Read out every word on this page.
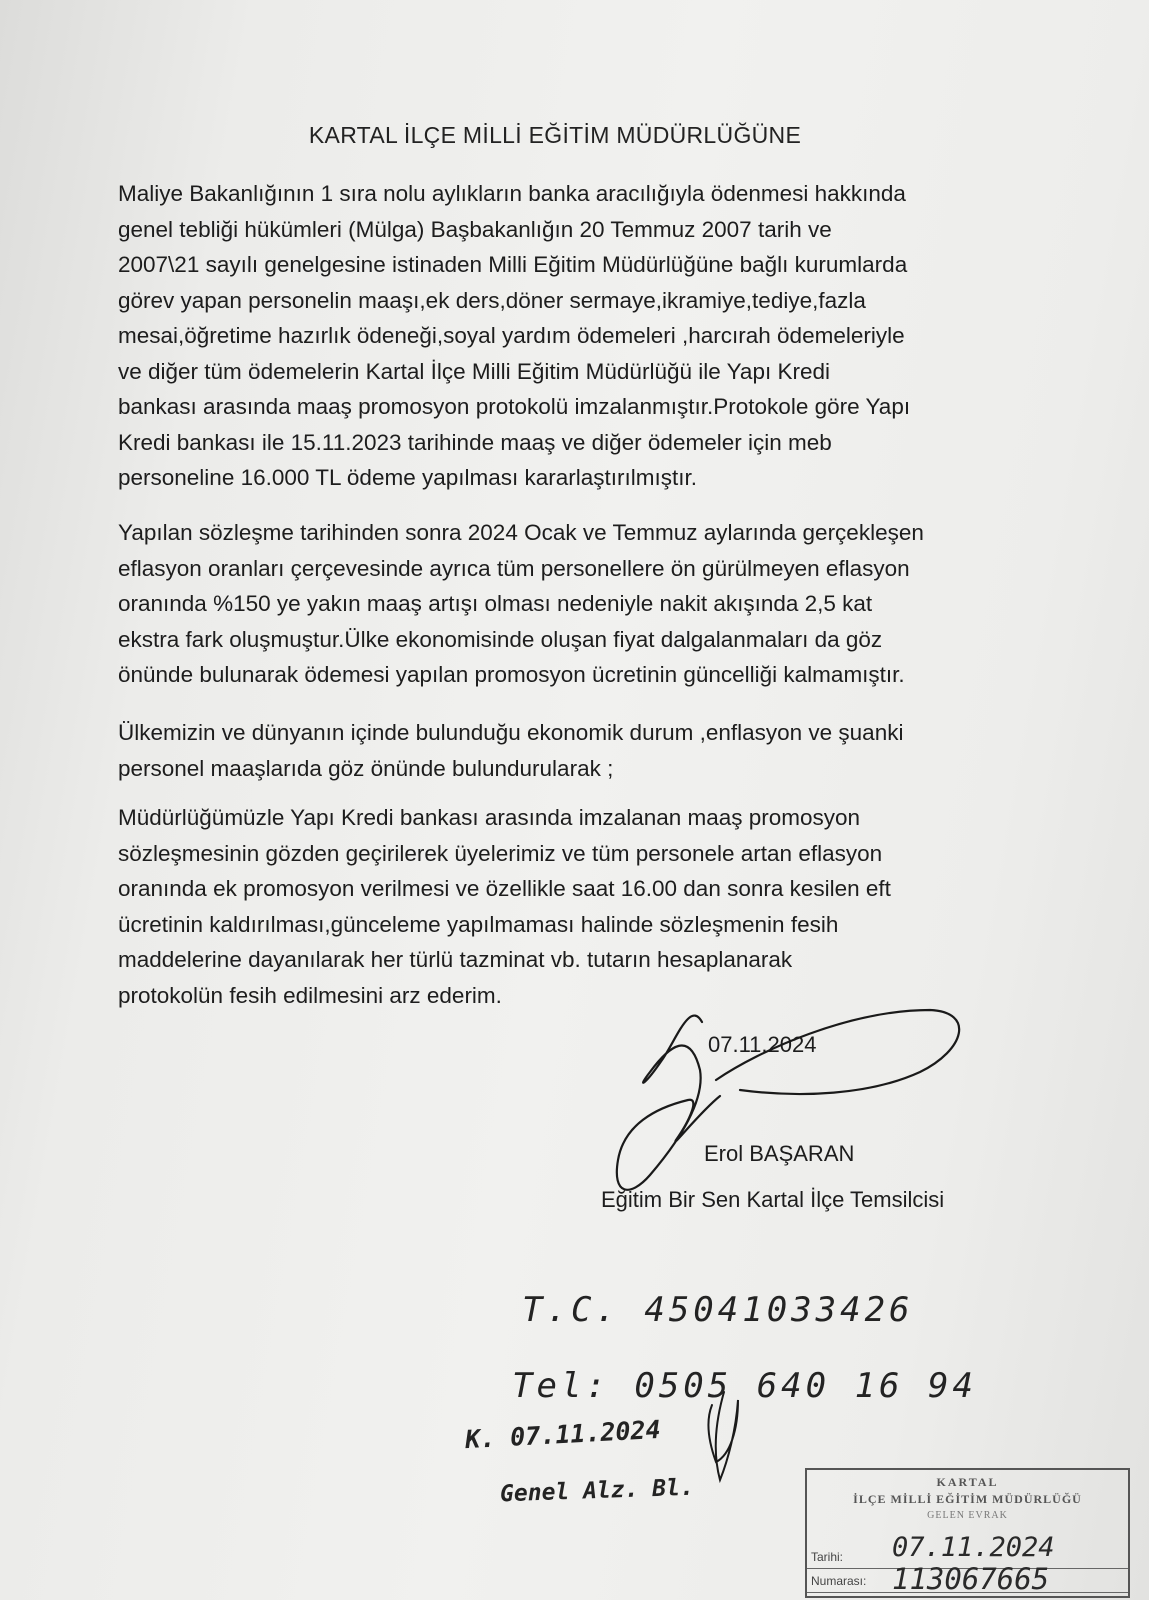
KARTAL İLÇE MİLLİ EĞİTİM MÜDÜRLÜĞÜNE

Maliye Bakanlığının 1 sıra nolu aylıkların banka aracılığıyla ödenmesi hakkında
genel tebliği hükümleri (Mülga) Başbakanlığın 20 Temmuz 2007 tarih ve
2007\21 sayılı genelgesine istinaden Milli Eğitim Müdürlüğüne bağlı kurumlarda
görev yapan personelin maaşı,ek ders,döner sermaye,ikramiye,tediye,fazla
mesai,öğretime hazırlık ödeneği,soyal yardım ödemeleri ,harcırah ödemeleriyle
ve diğer tüm ödemelerin Kartal İlçe Milli Eğitim Müdürlüğü ile Yapı Kredi
bankası arasında maaş promosyon protokolü imzalanmıştır.Protokole göre Yapı
Kredi bankası ile 15.11.2023 tarihinde maaş ve diğer ödemeler için meb
personeline 16.000 TL ödeme yapılması kararlaştırılmıştır.

Yapılan sözleşme tarihinden sonra 2024 Ocak ve Temmuz aylarında gerçekleşen
eflasyon oranları çerçevesinde ayrıca tüm personellere ön gürülmeyen eflasyon
oranında %150 ye yakın maaş artışı olması nedeniyle nakit akışında 2,5 kat
ekstra fark oluşmuştur.Ülke ekonomisinde oluşan fiyat dalgalanmaları da göz
önünde bulunarak ödemesi yapılan promosyon ücretinin güncelliği kalmamıştır.

Ülkemizin ve dünyanın içinde bulunduğu ekonomik durum ,enflasyon ve şuanki
personel maaşlarıda göz önünde bulundurularak ;

Müdürlüğümüzle Yapı Kredi bankası arasında imzalanan maaş promosyon
sözleşmesinin gözden geçirilerek üyelerimiz ve tüm personele artan eflasyon
oranında ek promosyon verilmesi ve özellikle saat 16.00 dan sonra kesilen eft
ücretinin kaldırılması,günceleme yapılmaması halinde sözleşmenin fesih
maddelerine dayanılarak her türlü tazminat vb. tutarın hesaplanarak
protokolün fesih edilmesini arz ederim.

07.11.2024
Erol BAŞARAN
Eğitim Bir Sen Kartal İlçe Temsilcisi
T.C. 45041033426
Tel: 0505 640 16 94
K. 07.11.2024
Genel Alz. Bl.	KARTAL
İLÇE MİLLİ EĞİTİM MÜDÜRLÜĞÜ
GELEN EVRAK
Tarihi:
Numarası:
07.11.2024
113067665
